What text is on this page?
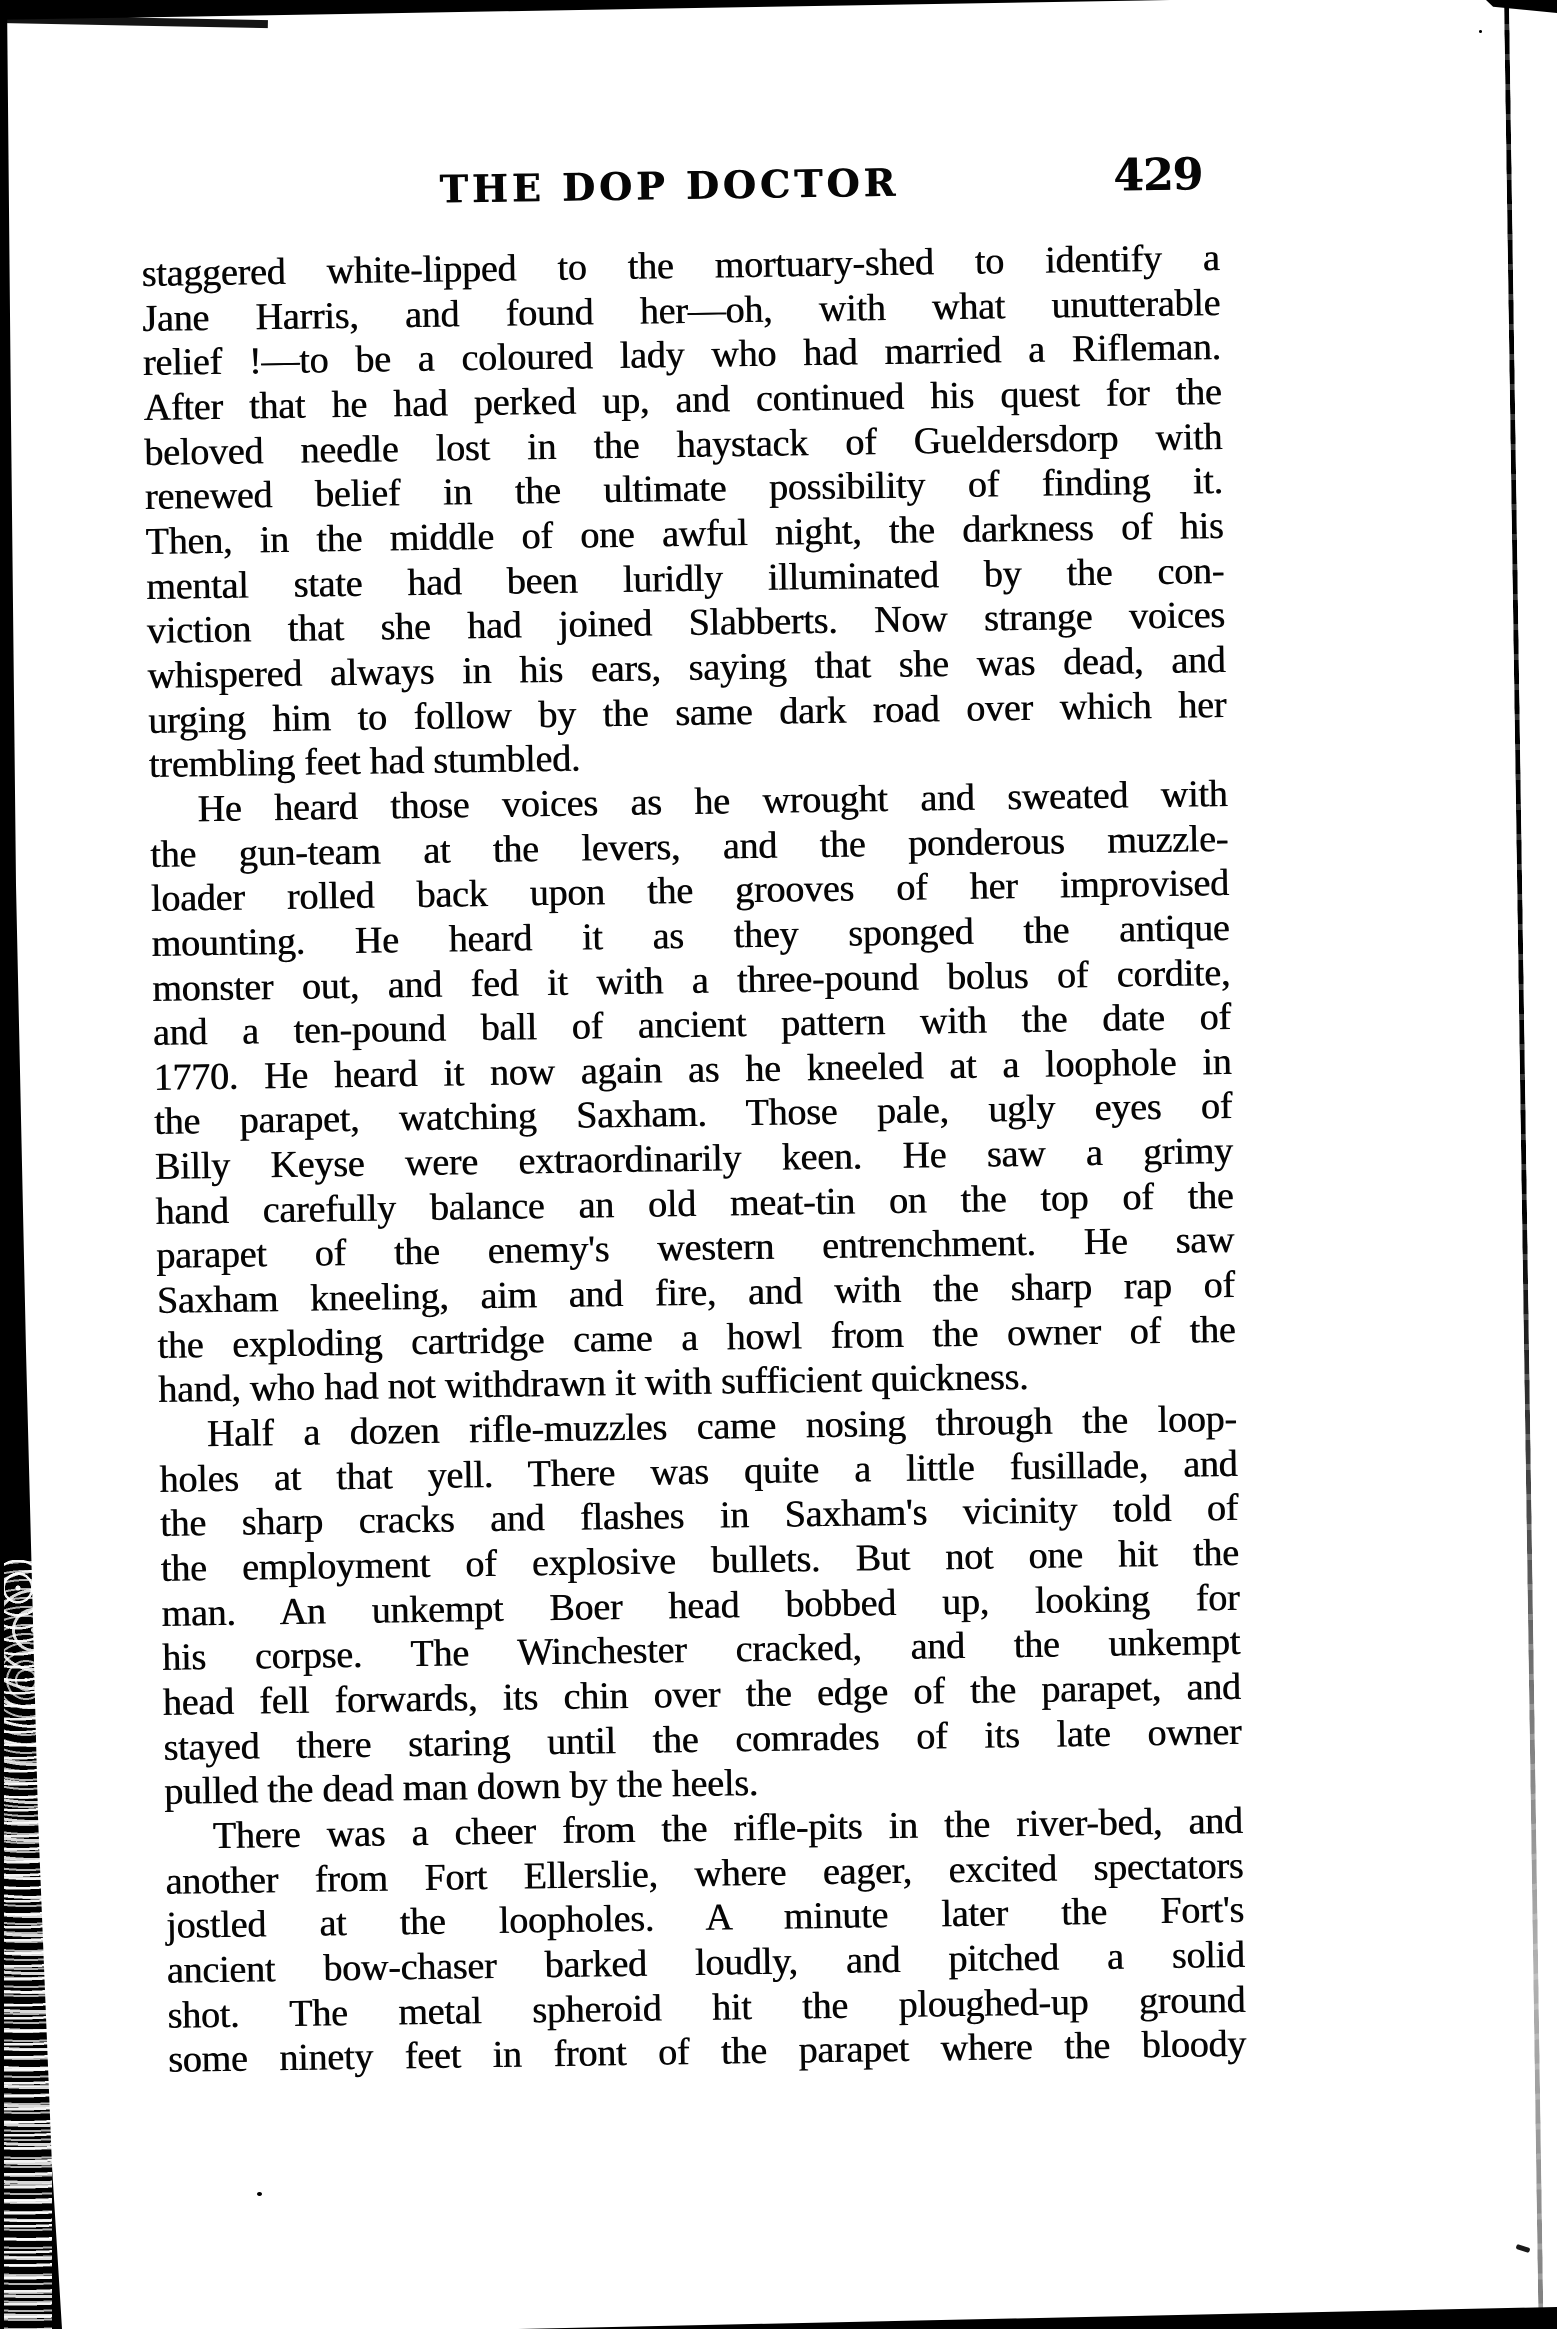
THE DOP DOCTOR	429
staggered white-lipped to the mortuary-shed to identify a
Jane Harris, and found her—oh, with what unutterable
relief !—to be a coloured lady who had married a Rifleman.
After that he had perked up, and continued his quest for the
beloved needle lost in the haystack of Gueldersdorp with
renewed belief in the ultimate possibility of finding it.
Then, in the middle of one awful night, the darkness of his
mental state had been luridly illuminated by the con-
viction that she had joined Slabberts. Now strange voices
whispered always in his ears, saying that she was dead, and
urging him to follow by the same dark road over which her
trembling feet had stumbled.
He heard those voices as he wrought and sweated with
the gun-team at the levers, and the ponderous muzzle-
loader rolled back upon the grooves of her improvised
mounting. He heard it as they sponged the antique
monster out, and fed it with a three-pound bolus of cordite,
and a ten-pound ball of ancient pattern with the date of
1770. He heard it now again as he kneeled at a loophole in
the parapet, watching Saxham. Those pale, ugly eyes of
Billy Keyse were extraordinarily keen. He saw a grimy
hand carefully balance an old meat-tin on the top of the
parapet of the enemy's western entrenchment. He saw
Saxham kneeling, aim and fire, and with the sharp rap of
the exploding cartridge came a howl from the owner of the
hand, who had not withdrawn it with sufficient quickness.
Half a dozen rifle-muzzles came nosing through the loop-
holes at that yell. There was quite a little fusillade, and
the sharp cracks and flashes in Saxham's vicinity told of
the employment of explosive bullets. But not one hit the
man. An unkempt Boer head bobbed up, looking for
his corpse. The Winchester cracked, and the unkempt
head fell forwards, its chin over the edge of the parapet, and
stayed there staring until the comrades of its late owner
pulled the dead man down by the heels.
There was a cheer from the rifle-pits in the river-bed, and
another from Fort Ellerslie, where eager, excited spectators
jostled at the loopholes. A minute later the Fort's
ancient bow-chaser barked loudly, and pitched a solid
shot. The metal spheroid hit the ploughed-up ground
some ninety feet in front of the parapet where the bloody
